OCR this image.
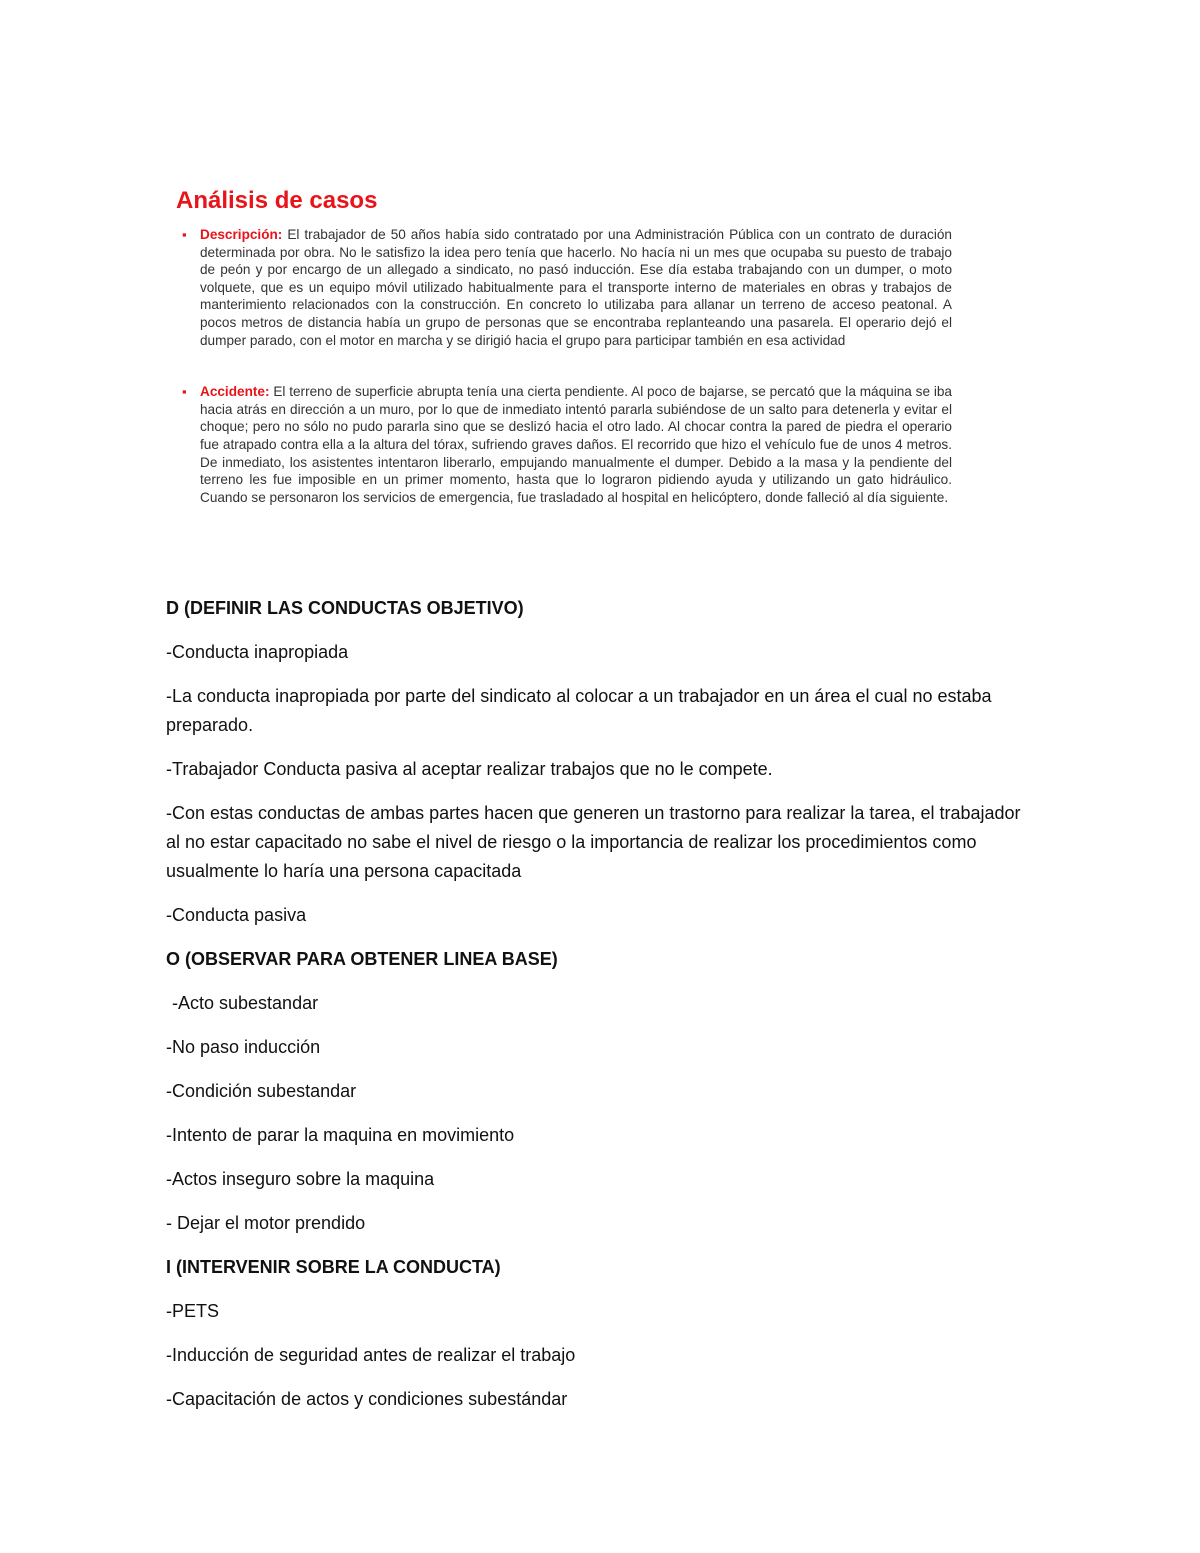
Análisis de casos
▪ Descripción: El trabajador de 50 años había sido contratado por una Administración Pública con un contrato de duración determinada por obra. No le satisfizo la idea pero tenía que hacerlo. No hacía ni un mes que ocupaba su puesto de trabajo de peón y por encargo de un allegado a sindicato, no pasó inducción. Ese día estaba trabajando con un dumper, o moto volquete, que es un equipo móvil utilizado habitualmente para el transporte interno de materiales en obras y trabajos de manterimiento relacionados con la construcción. En concreto lo utilizaba para allanar un terreno de acceso peatonal. A pocos metros de distancia había un grupo de personas que se encontraba replanteando una pasarela. El operario dejó el dumper parado, con el motor en marcha y se dirigió hacia el grupo para participar también en esa actividad
▪ Accidente: El terreno de superficie abrupta tenía una cierta pendiente. Al poco de bajarse, se percató que la máquina se iba hacia atrás en dirección a un muro, por lo que de inmediato intentó pararla subiéndose de un salto para detenerla y evitar el choque; pero no sólo no pudo pararla sino que se deslizó hacia el otro lado. Al chocar contra la pared de piedra el operario fue atrapado contra ella a la altura del tórax, sufriendo graves daños. El recorrido que hizo el vehículo fue de unos 4 metros. De inmediato, los asistentes intentaron liberarlo, empujando manualmente el dumper. Debido a la masa y la pendiente del terreno les fue imposible en un primer momento, hasta que lo lograron pidiendo ayuda y utilizando un gato hidráulico. Cuando se personaron los servicios de emergencia, fue trasladado al hospital en helicóptero, donde falleció al día siguiente.

D (DEFINIR LAS CONDUCTAS OBJETIVO)

-Conducta inapropiada

-La conducta inapropiada por parte del sindicato al colocar a un trabajador en un área el cual no estaba preparado.

-Trabajador Conducta pasiva al aceptar realizar trabajos que no le compete.

-Con estas conductas de ambas partes hacen que generen un trastorno para realizar la tarea, el trabajador al no estar capacitado no sabe el nivel de riesgo o la importancia de realizar los procedimientos como usualmente lo haría una persona capacitada

-Conducta pasiva

O (OBSERVAR PARA OBTENER LINEA BASE)

-Acto subestandar

-No paso inducción

-Condición subestandar

-Intento de parar la maquina en movimiento

-Actos inseguro sobre la maquina

- Dejar el motor prendido

I (INTERVENIR SOBRE LA CONDUCTA)

-PETS

-Inducción de seguridad antes de realizar el trabajo

-Capacitación de actos y condiciones subestándar
